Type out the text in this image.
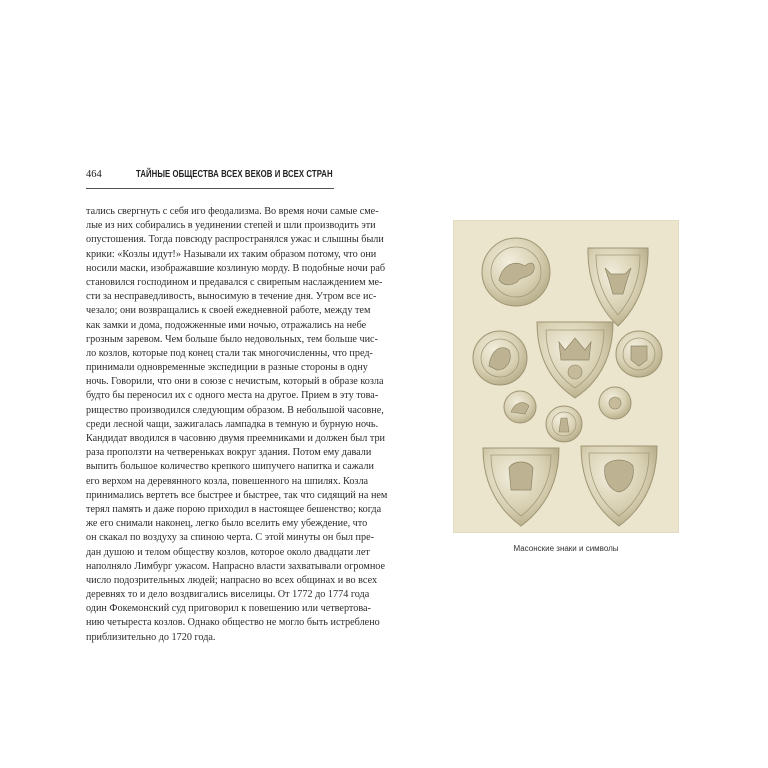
464	ТАЙНЫЕ ОБЩЕСТВА ВСЕХ ВЕКОВ И ВСЕХ СТРАН
тались свергнуть с себя иго феодализма. Во время ночи самые сме-
лые из них собирались в уединении степей и шли производить эти
опустошения. Тогда повсюду распространялся ужас и слышны были
крики: «Козлы идут!» Называли их таким образом потому, что они
носили маски, изображавшие козлиную морду. В подобные ночи раб
становился господином и предавался с свирепым наслаждением ме-
сти за несправедливость, выносимую в течение дня. Утром все ис-
чезало; они возвращались к своей ежедневной работе, между тем
как замки и дома, подожженные ими ночью, отражались на небе
грозным заревом. Чем больше было недовольных, тем больше чис-
ло козлов, которые под конец стали так многочисленны, что пред-
принимали одновременные экспедиции в разные стороны в одну
ночь. Говорили, что они в союзе с нечистым, который в образе козла
будто бы переносил их с одного места на другое. Прием в эту това-
рищество производился следующим образом. В небольшой часовне,
среди лесной чащи, зажигалась лампадка в темную и бурную ночь.
Кандидат вводился в часовню двумя преемниками и должен был три
раза проползти на четвереньках вокруг здания. Потом ему давали
выпить большое количество крепкого шипучего напитка и сажали
его верхом на деревянного козла, повешенного на шпилях. Козла
принимались вертеть все быстрее и быстрее, так что сидящий на нем
терял память и даже порою приходил в настоящее бешенство; когда
же его снимали наконец, легко было вселить ему убеждение, что
он скакал по воздуху за спиною черта. С этой минуты он был пре-
дан душою и телом обществу козлов, которое около двадцати лет
наполняло Лимбург ужасом. Напрасно власти захватывали огромное
число подозрительных людей; напрасно во всех общинах и во всех
деревнях то и дело воздвигались виселицы. От 1772 до 1774 года
один Фокемонский суд приговорил к повешению или четвертова-
нию четыреста козлов. Однако общество не могло быть истреблено
приблизительно до 1720 года.
Масонские знаки и символы
